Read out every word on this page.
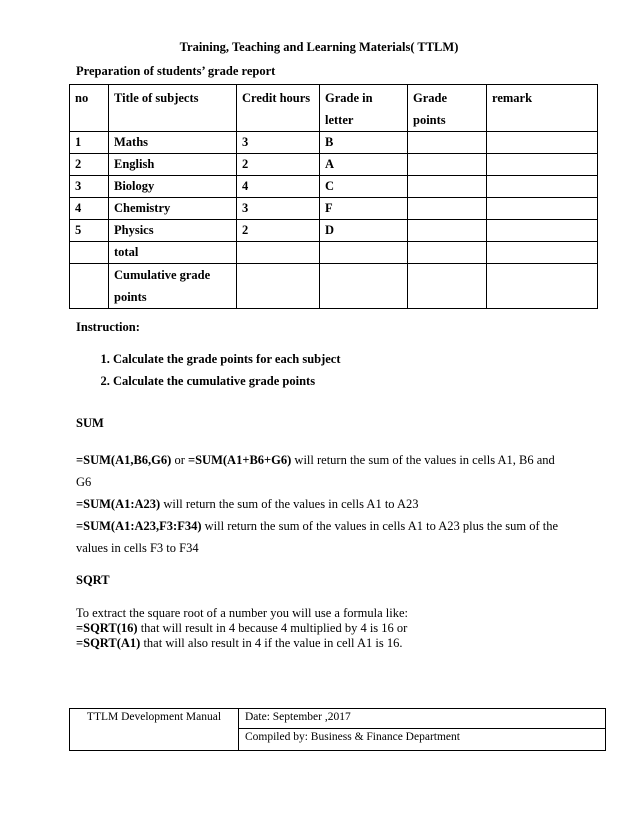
Training, Teaching and Learning Materials( TTLM)
Preparation of students’ grade report
no	Title of subjects	Credit hours	Grade in letter	Grade points	remark
1	Maths	3	B		
2	English	2	A		
3	Biology	4	C		
4	Chemistry	3	F		
5	Physics	2	D		
	total				
	Cumulative grade points				
Instruction:
1. Calculate the grade points for each subject
2. Calculate the cumulative grade points
SUM
=SUM(A1,B6,G6) or =SUM(A1+B6+G6) will return the sum of the values in cells A1, B6 and G6
=SUM(A1:A23) will return the sum of the values in cells A1 to A23
=SUM(A1:A23,F3:F34) will return the sum of the values in cells A1 to A23 plus the sum of the values in cells F3 to F34
SQRT
To extract the square root of a number you will use a formula like:
=SQRT(16) that will result in 4 because 4 multiplied by 4 is 16 or
=SQRT(A1) that will also result in 4 if the value in cell A1 is 16.
TTLM Development Manual	Date: September ,2017
Compiled by: Business & Finance Department
